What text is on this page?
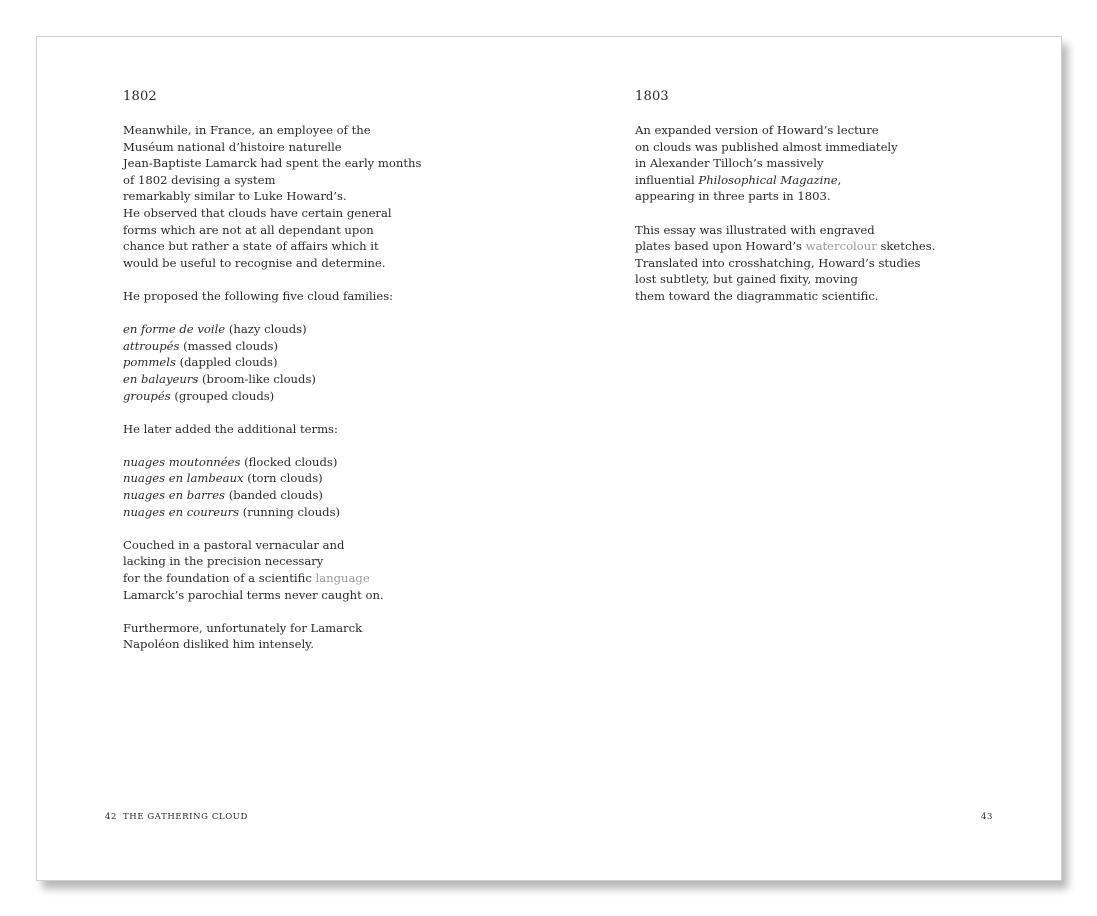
1802
Meanwhile, in France, an employee of the
Muséum national d’histoire naturelle
Jean-Baptiste Lamarck had spent the early months
of 1802 devising a system
remarkably similar to Luke Howard’s.
He observed that clouds have certain general
forms which are not at all dependant upon
chance but rather a state of affairs which it
would be useful to recognise and determine.
He proposed the following five cloud families:
en forme de voile (hazy clouds)
attroupés (massed clouds)
pommels (dappled clouds)
en balayeurs (broom-like clouds)
groupés (grouped clouds)
He later added the additional terms:
nuages moutonnées (flocked clouds)
nuages en lambeaux (torn clouds)
nuages en barres (banded clouds)
nuages en coureurs (running clouds)
Couched in a pastoral vernacular and
lacking in the precision necessary
for the foundation of a scientific language
Lamarck’s parochial terms never caught on.
Furthermore, unfortunately for Lamarck
Napoléon disliked him intensely.
42 THE GATHERING CLOUD
1803
An expanded version of Howard’s lecture
on clouds was published almost immediately
in Alexander Tilloch’s massively
influential Philosophical Magazine,
appearing in three parts in 1803.
This essay was illustrated with engraved
plates based upon Howard’s watercolour sketches.
Translated into crosshatching, Howard’s studies
lost subtlety, but gained fixity, moving
them toward the diagrammatic scientific.
43
